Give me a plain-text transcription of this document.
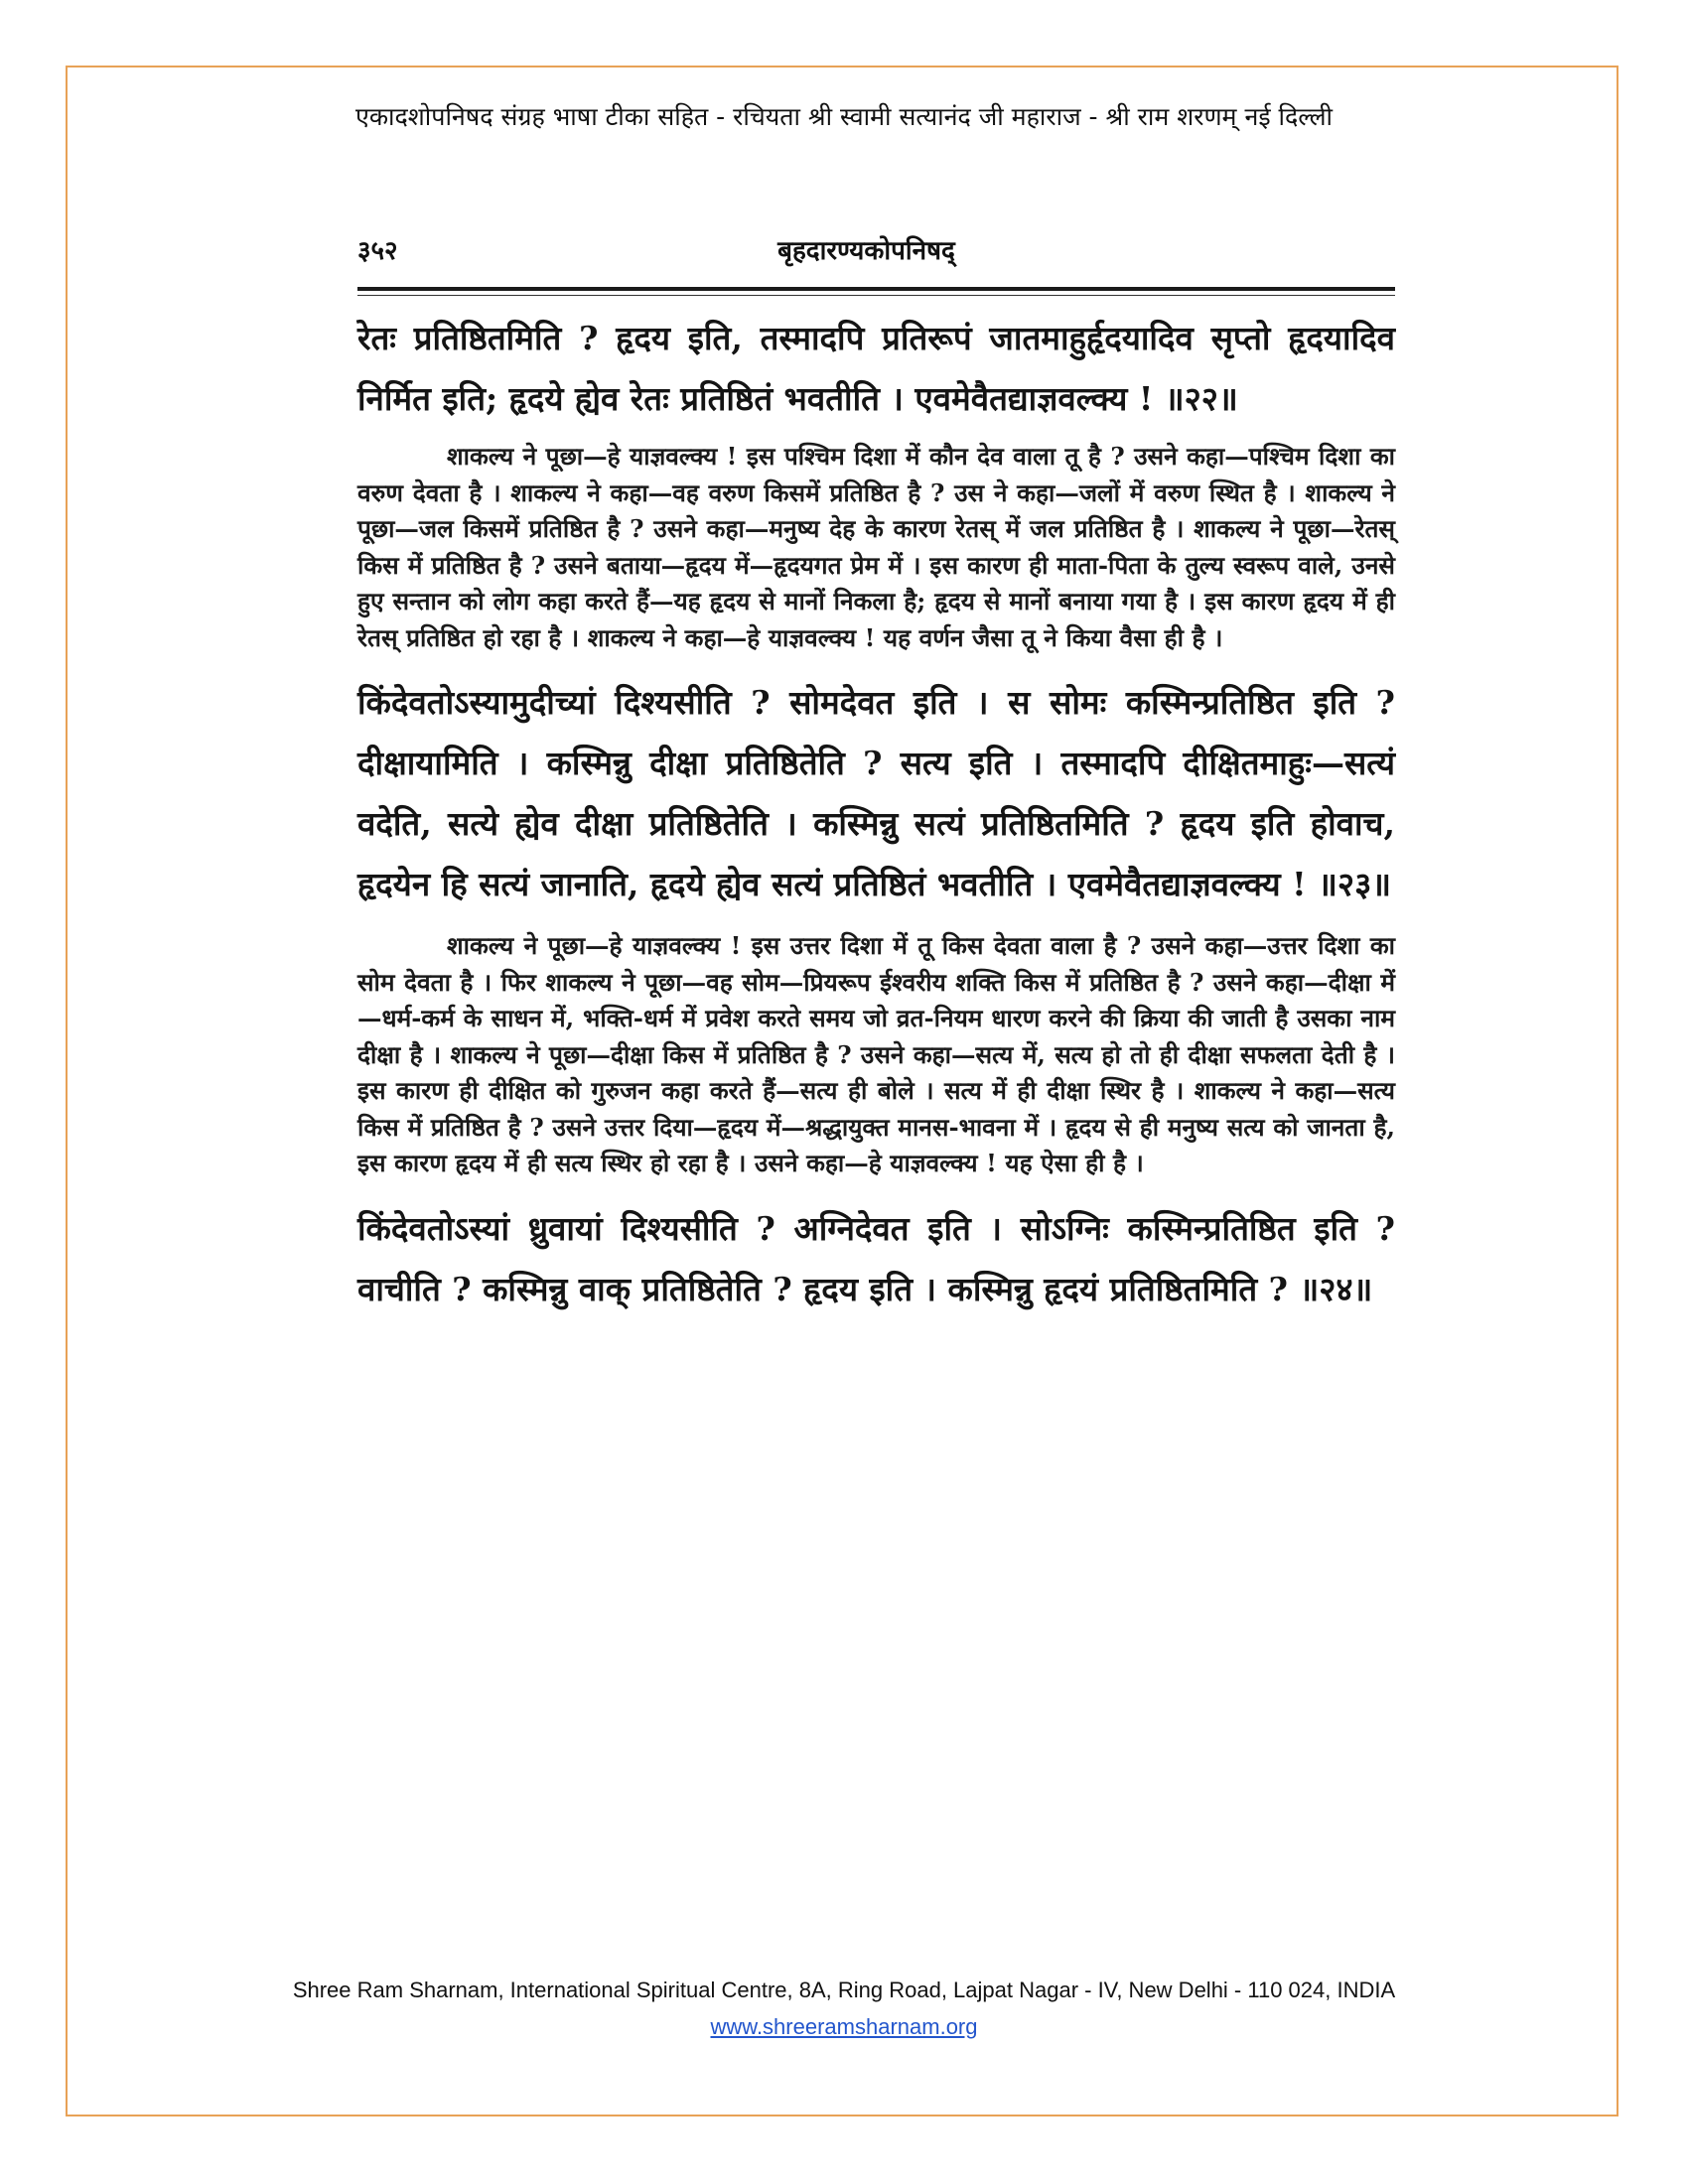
एकादशोपनिषद संग्रह भाषा टीका सहित - रचियता श्री स्वामी सत्यानंद जी महाराज - श्री राम शरणम् नई दिल्ली
३५२	बृहदारण्यकोपनिषद्

रेतः प्रतिष्ठितमिति ? हृदय इति, तस्मादपि प्रतिरूपं जातमाहुर्हृदयादिव सृप्तो हृदयादिव निर्मित इति; हृदये ह्येव रेतः प्रतिष्ठितं भवतीति । एवमेवैतद्याज्ञवल्क्य ! ॥२२॥

शाकल्य ने पूछा—हे याज्ञवल्क्य ! इस पश्चिम दिशा में कौन देव वाला तू है ? उसने कहा—पश्चिम दिशा का वरुण देवता है । शाकल्य ने कहा—वह वरुण किसमें प्रतिष्ठित है ? उस ने कहा—जलों में वरुण स्थित है । शाकल्य ने पूछा—जल किसमें प्रतिष्ठित है ? उसने कहा—मनुष्य देह के कारण रेतस् में जल प्रतिष्ठित है । शाकल्य ने पूछा—रेतस् किस में प्रतिष्ठित है ? उसने बताया—हृदय में—हृदयगत प्रेम में । इस कारण ही माता-पिता के तुल्य स्वरूप वाले, उनसे हुए सन्तान को लोग कहा करते हैं—यह हृदय से मानों निकला है; हृदय से मानों बनाया गया है । इस कारण हृदय में ही रेतस् प्रतिष्ठित हो रहा है । शाकल्य ने कहा—हे याज्ञवल्क्य ! यह वर्णन जैसा तू ने किया वैसा ही है ।

किंदेवतोऽस्यामुदीच्यां दिश्यसीति ? सोमदेवत इति । स सोमः कस्मिन्प्रतिष्ठित इति ? दीक्षायामिति । कस्मिन्नु दीक्षा प्रतिष्ठितेति ? सत्य इति । तस्मादपि दीक्षितमाहुः—सत्यं वदेति, सत्ये ह्येव दीक्षा प्रतिष्ठितेति । कस्मिन्नु सत्यं प्रतिष्ठितमिति ? हृदय इति होवाच, हृदयेन हि सत्यं जानाति, हृदये ह्येव सत्यं प्रतिष्ठितं भवतीति । एवमेवैतद्याज्ञवल्क्य ! ॥२३॥

शाकल्य ने पूछा—हे याज्ञवल्क्य ! इस उत्तर दिशा में तू किस देवता वाला है ? उसने कहा—उत्तर दिशा का सोम देवता है । फिर शाकल्य ने पूछा—वह सोम—प्रियरूप ईश्वरीय शक्ति किस में प्रतिष्ठित है ? उसने कहा—दीक्षा में—धर्म-कर्म के साधन में, भक्ति-धर्म में प्रवेश करते समय जो व्रत-नियम धारण करने की क्रिया की जाती है उसका नाम दीक्षा है । शाकल्य ने पूछा—दीक्षा किस में प्रतिष्ठित है ? उसने कहा—सत्य में, सत्य हो तो ही दीक्षा सफलता देती है । इस कारण ही दीक्षित को गुरुजन कहा करते हैं—सत्य ही बोले । सत्य में ही दीक्षा स्थिर है । शाकल्य ने कहा—सत्य किस में प्रतिष्ठित है ? उसने उत्तर दिया—हृदय में—श्रद्धायुक्त मानस-भावना में । हृदय से ही मनुष्य सत्य को जानता है, इस कारण हृदय में ही सत्य स्थिर हो रहा है । उसने कहा—हे याज्ञवल्क्य ! यह ऐसा ही है ।

किंदेवतोऽस्यां ध्रुवायां दिश्यसीति ? अग्निदेवत इति । सोऽग्निः कस्मिन्प्रतिष्ठित इति ? वाचीति ? कस्मिन्नु वाक् प्रतिष्ठितेति ? हृदय इति । कस्मिन्नु हृदयं प्रतिष्ठितमिति ? ॥२४॥

Shree Ram Sharnam, International Spiritual Centre, 8A, Ring Road, Lajpat Nagar - IV, New Delhi - 110 024, INDIA
www.shreeramsharnam.org
